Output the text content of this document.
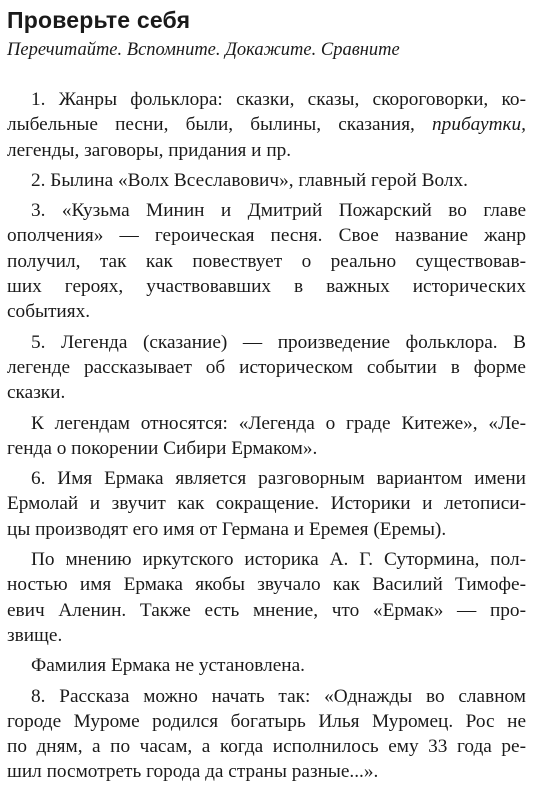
Проверьте себя
Перечитайте. Вспомните. Докажите. Сравните
1. Жанры фольклора: сказки, сказы, скороговорки, ко-
лыбельные песни, были, былины, сказания, прибаутки,
легенды, заговоры, придания и пр.
2. Былина «Волх Всеславович», главный герой Волх.
3. «Кузьма Минин и Дмитрий Пожарский во главе
ополчения» — героическая песня. Свое название жанр
получил, так как повествует о реально существовав-
ших героях, участвовавших в важных исторических
событиях.
5. Легенда (сказание) — произведение фольклора. В
легенде рассказывает об историческом событии в форме
сказки.
К легендам относятся: «Легенда о граде Китеже», «Ле-
генда о покорении Сибири Ермаком».
6. Имя Ермака является разговорным вариантом имени
Ермолай и звучит как сокращение. Историки и летописи-
цы производят его имя от Германа и Еремея (Еремы).
По мнению иркутского историка А. Г. Сутормина, пол-
ностью имя Ермака якобы звучало как Василий Тимофе-
евич Аленин. Также есть мнение, что «Ермак» — про-
звище.
Фамилия Ермака не установлена.
8. Рассказа можно начать так: «Однажды во славном
городе Муроме родился богатырь Илья Муромец. Рос не
по дням, а по часам, а когда исполнилось ему 33 года ре-
шил посмотреть города да страны разные...».
